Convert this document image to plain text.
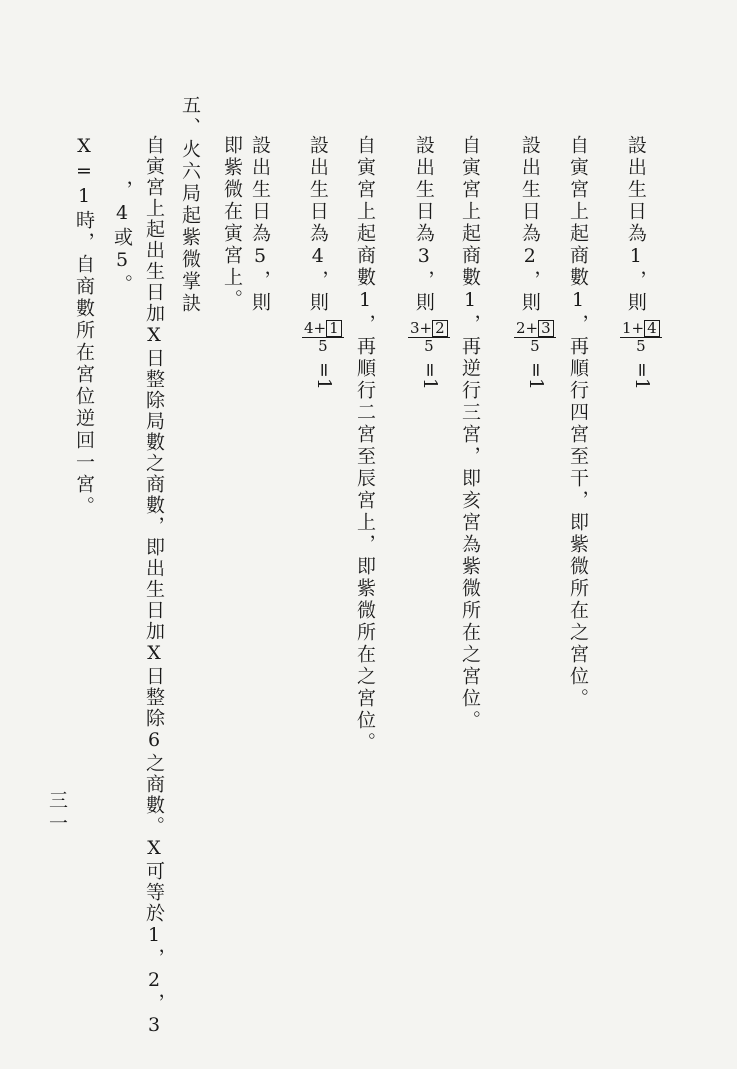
設出生日為1，則
$\frac{1+ 4}{5}$
=1
自寅宮上起商數1，再順行四宮至干，即紫微所在之宮位。
設出生日為2，則
$\frac{2+ 3}{5}$
=1
自寅宮上起商數1，再逆行三宮，即亥宮為紫微所在之宮位。
設出生日為3，則
$\frac{3+ 2}{5}$
=1
自寅宮上起商數1，再順行二宮至辰宮上，即紫微所在之宮位。
設出生日為4，則
$\frac{4+ 1}{5}$
=1
設出生日為5，則
即紫微在寅宮上。
五、火六局起紫微掌訣
自寅宮上起出生日加X日整除局數之商數，即出生日加X日整除6之商數。X可等於1，2，3
，4或5。
X=1時，自商數所在宮位逆回一宮。
三一
